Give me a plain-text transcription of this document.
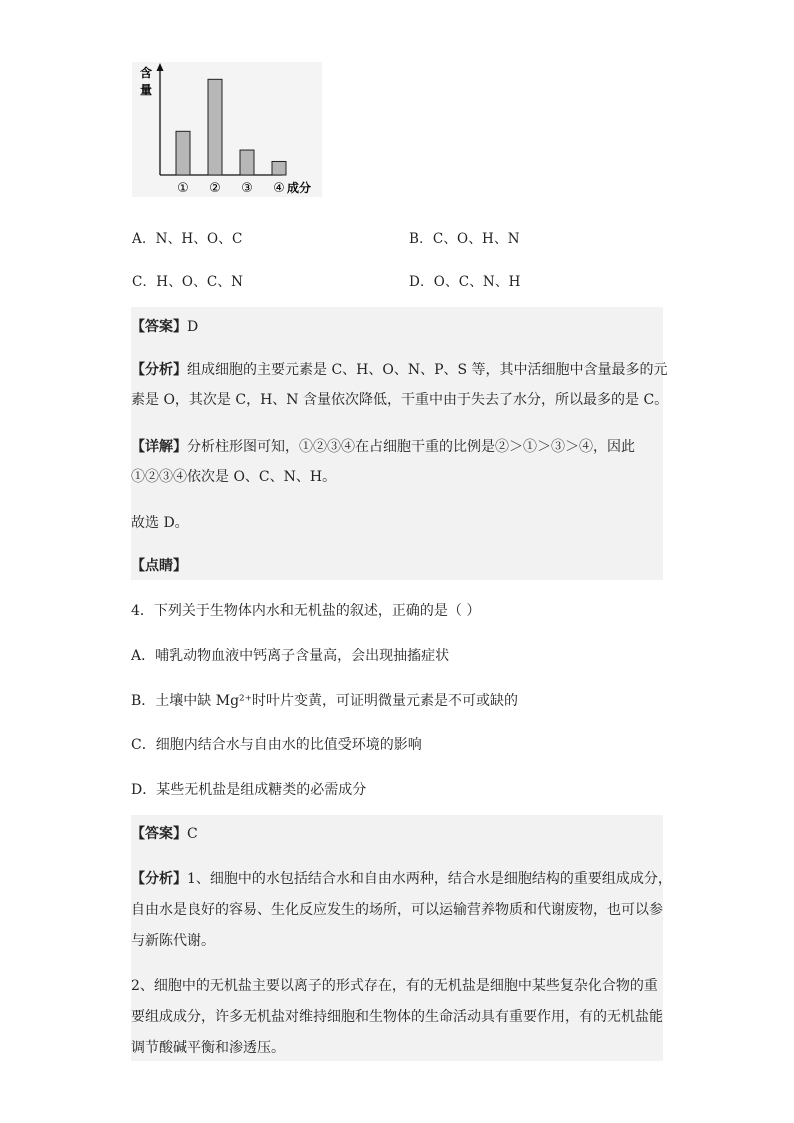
含
量
① ② ③ ④ 成分
A．N、H、O、C	B．C、O、H、N
C．H、O、C、N	D．O、C、N、H
【答案】D
【分析】组成细胞的主要元素是 C、H、O、N、P、S 等，其中活细胞中含量最多的元
素是 O，其次是 C，H、N 含量依次降低，干重中由于失去了水分，所以最多的是 C。
【详解】分析柱形图可知，①②③④在占细胞干重的比例是②＞①＞③＞④，因此
①②③④依次是 O、C、N、H。
故选 D。
【点睛】
4．下列关于生物体内水和无机盐的叙述，正确的是（ ）
A．哺乳动物血液中钙离子含量高，会出现抽搐症状
B．土壤中缺 Mg²⁺时叶片变黄，可证明微量元素是不可或缺的
C．细胞内结合水与自由水的比值受环境的影响
D．某些无机盐是组成糖类的必需成分
【答案】C
【分析】1、细胞中的水包括结合水和自由水两种，结合水是细胞结构的重要组成成分，
自由水是良好的容易、生化反应发生的场所，可以运输营养物质和代谢废物，也可以参
与新陈代谢。
2、细胞中的无机盐主要以离子的形式存在，有的无机盐是细胞中某些复杂化合物的重
要组成成分，许多无机盐对维持细胞和生物体的生命活动具有重要作用，有的无机盐能
调节酸碱平衡和渗透压。
